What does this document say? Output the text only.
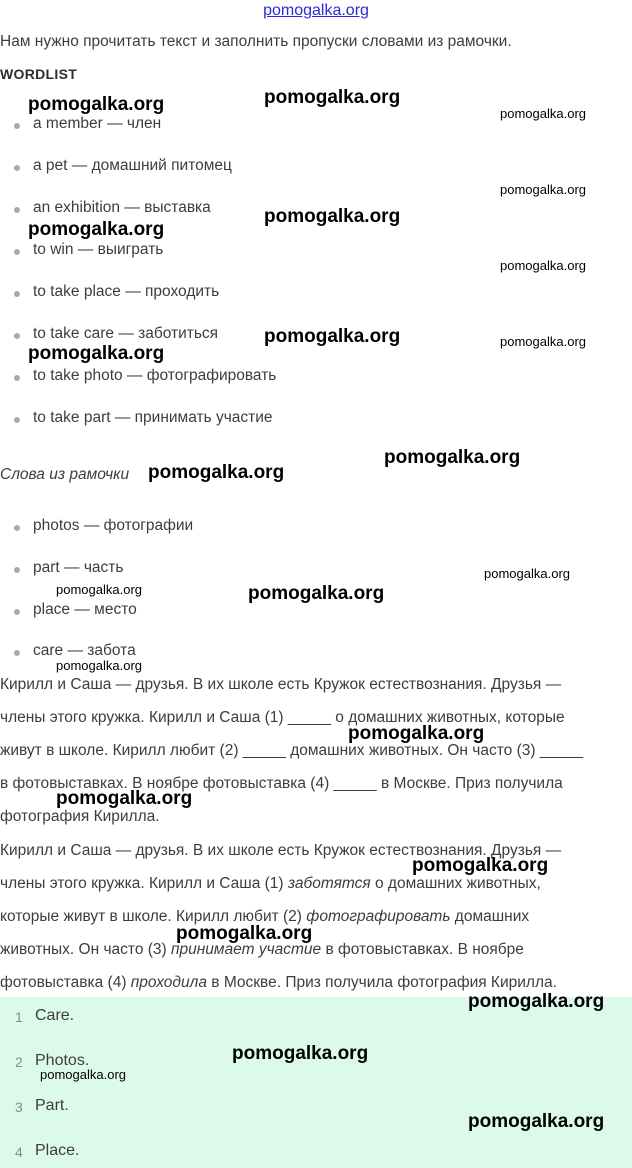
pomogalka.org
Нам нужно прочитать текст и заполнить пропуски словами из рамочки.
WORDLIST
a member — член
a pet — домашний питомец
an exhibition — выставка
to win — выиграть
to take place — проходить
to take care — заботиться
to take photo — фотографировать
to take part — принимать участие
Слова из рамочки
photos — фотографии
part — часть
place — место
care — забота
Кирилл и Саша — друзья. В их школе есть Кружок естествознания. Друзья —
члены этого кружка. Кирилл и Саша (1) _____ о домашних животных, которые
живут в школе. Кирилл любит (2) _____ домашних животных. Он часто (3) _____
в фотовыставках. В ноябре фотовыставка (4) _____ в Москве. Приз получила
фотография Кирилла.
Кирилл и Саша — друзья. В их школе есть Кружок естествознания. Друзья —
члены этого кружка. Кирилл и Саша (1) заботятся о домашних животных,
которые живут в школе. Кирилл любит (2) фотографировать домашних
животных. Он часто (3) принимает участие в фотовыставках. В ноябре
фотовыставка (4) проходила в Москве. Приз получила фотография Кирилла.
1 Care.
2 Photos.
3 Part.
4 Place.
pomogalka.org	pomogalka.org
pomogalka.org
pomogalka.org
pomogalka.org
pomogalka.org
pomogalka.org
pomogalka.org	pomogalka.org
pomogalka.org
pomogalka.org
pomogalka.org
pomogalka.org
pomogalka.org	pomogalka.org
pomogalka.org
pomogalka.org
pomogalka.org
pomogalka.org
pomogalka.org
pomogalka.org
pomogalka.org
pomogalka.org
pomogalka.org
